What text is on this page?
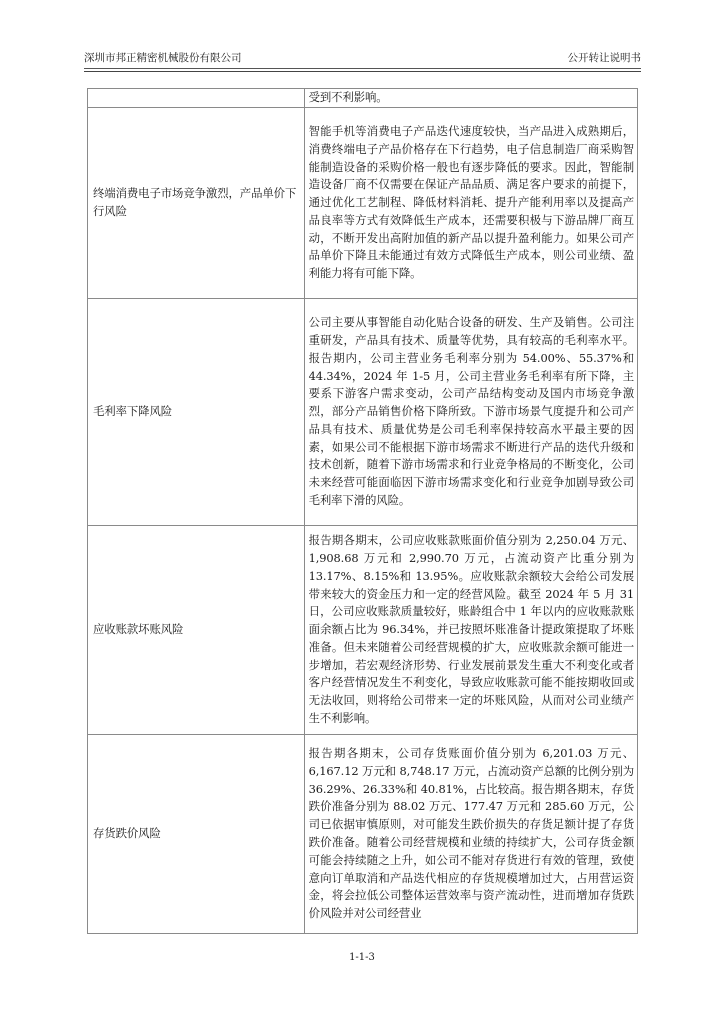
深圳市邦正精密机械股份有限公司	公开转让说明书
	受到不利影响。
终端消费电子市场竞争激烈，产品单价下行风险	智能手机等消费电子产品迭代速度较快，当产品进入成熟期后，消费终端电子产品价格存在下行趋势，电子信息制造厂商采购智能制造设备的采购价格一般也有逐步降低的要求。因此，智能制造设备厂商不仅需要在保证产品品质、满足客户要求的前提下，通过优化工艺制程、降低材料消耗、提升产能利用率以及提高产品良率等方式有效降低生产成本，还需要积极与下游品牌厂商互动，不断开发出高附加值的新产品以提升盈利能力。如果公司产品单价下降且未能通过有效方式降低生产成本，则公司业绩、盈利能力将有可能下降。
毛利率下降风险	公司主要从事智能自动化贴合设备的研发、生产及销售。公司注重研发，产品具有技术、质量等优势，具有较高的毛利率水平。报告期内，公司主营业务毛利率分别为 54.00%、55.37%和 44.34%，2024 年 1-5 月，公司主营业务毛利率有所下降，主要系下游客户需求变动，公司产品结构变动及国内市场竞争激烈，部分产品销售价格下降所致。下游市场景气度提升和公司产品具有技术、质量优势是公司毛利率保持较高水平最主要的因素，如果公司不能根据下游市场需求不断进行产品的迭代升级和技术创新，随着下游市场需求和行业竞争格局的不断变化，公司未来经营可能面临因下游市场需求变化和行业竞争加剧导致公司毛利率下滑的风险。
应收账款坏账风险	报告期各期末，公司应收账款账面价值分别为 2,250.04 万元、1,908.68 万元和 2,990.70 万元，占流动资产比重分别为 13.17%、8.15%和 13.95%。应收账款余额较大会给公司发展带来较大的资金压力和一定的经营风险。截至 2024 年 5 月 31 日，公司应收账款质量较好，账龄组合中 1 年以内的应收账款账面余额占比为 96.34%，并已按照坏账准备计提政策提取了坏账准备。但未来随着公司经营规模的扩大，应收账款余额可能进一步增加，若宏观经济形势、行业发展前景发生重大不利变化或者客户经营情况发生不利变化，导致应收账款可能不能按期收回或无法收回，则将给公司带来一定的坏账风险，从而对公司业绩产生不利影响。
存货跌价风险	报告期各期末，公司存货账面价值分别为 6,201.03 万元、6,167.12 万元和 8,748.17 万元，占流动资产总额的比例分别为 36.29%、26.33%和 40.81%，占比较高。报告期各期末，存货跌价准备分别为 88.02 万元、177.47 万元和 285.60 万元，公司已依据审慎原则，对可能发生跌价损失的存货足额计提了存货跌价准备。随着公司经营规模和业绩的持续扩大，公司存货金额可能会持续随之上升，如公司不能对存货进行有效的管理，致使意向订单取消和产品迭代相应的存货规模增加过大，占用营运资金，将会拉低公司整体运营效率与资产流动性，进而增加存货跌价风险并对公司经营业
1-1-3
